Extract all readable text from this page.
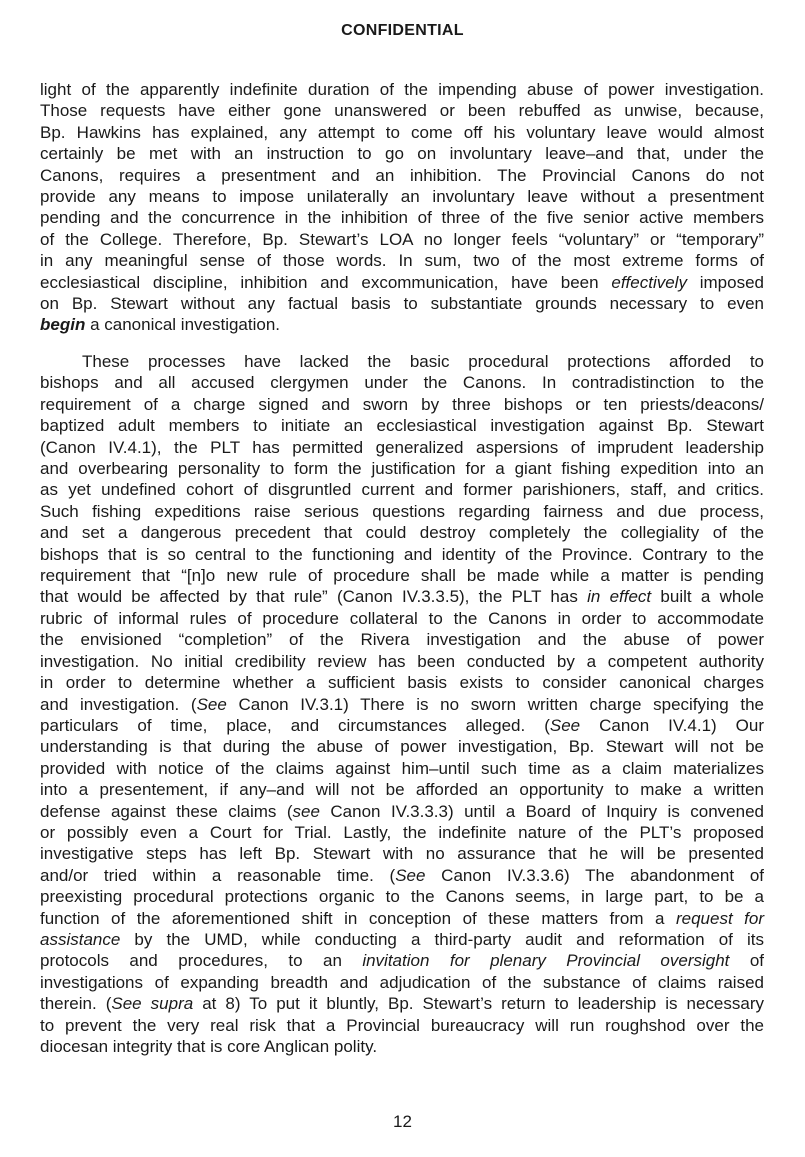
CONFIDENTIAL
light of the apparently indefinite duration of the impending abuse of power investigation.
Those requests have either gone unanswered or been rebuffed as unwise, because,
Bp. Hawkins has explained, any attempt to come off his voluntary leave would almost
certainly be met with an instruction to go on involuntary leave–and that, under the
Canons, requires a presentment and an inhibition. The Provincial Canons do not
provide any means to impose unilaterally an involuntary leave without a presentment
pending and the concurrence in the inhibition of three of the five senior active members
of the College. Therefore, Bp. Stewart’s LOA no longer feels “voluntary” or “temporary”
in any meaningful sense of those words. In sum, two of the most extreme forms of
ecclesiastical discipline, inhibition and excommunication, have been effectively imposed
on Bp. Stewart without any factual basis to substantiate grounds necessary to even
begin a canonical investigation.
These processes have lacked the basic procedural protections afforded to
bishops and all accused clergymen under the Canons. In contradistinction to the
requirement of a charge signed and sworn by three bishops or ten priests/deacons/
baptized adult members to initiate an ecclesiastical investigation against Bp. Stewart
(Canon IV.4.1), the PLT has permitted generalized aspersions of imprudent leadership
and overbearing personality to form the justification for a giant fishing expedition into an
as yet undefined cohort of disgruntled current and former parishioners, staff, and critics.
Such fishing expeditions raise serious questions regarding fairness and due process,
and set a dangerous precedent that could destroy completely the collegiality of the
bishops that is so central to the functioning and identity of the Province. Contrary to the
requirement that “[n]o new rule of procedure shall be made while a matter is pending
that would be affected by that rule” (Canon IV.3.3.5), the PLT has in effect built a whole
rubric of informal rules of procedure collateral to the Canons in order to accommodate
the envisioned “completion” of the Rivera investigation and the abuse of power
investigation. No initial credibility review has been conducted by a competent authority
in order to determine whether a sufficient basis exists to consider canonical charges
and investigation. (See Canon IV.3.1) There is no sworn written charge specifying the
particulars of time, place, and circumstances alleged. (See Canon IV.4.1) Our
understanding is that during the abuse of power investigation, Bp. Stewart will not be
provided with notice of the claims against him–until such time as a claim materializes
into a presentement, if any–and will not be afforded an opportunity to make a written
defense against these claims (see Canon IV.3.3.3) until a Board of Inquiry is convened
or possibly even a Court for Trial. Lastly, the indefinite nature of the PLT’s proposed
investigative steps has left Bp. Stewart with no assurance that he will be presented
and/or tried within a reasonable time. (See Canon IV.3.3.6) The abandonment of
preexisting procedural protections organic to the Canons seems, in large part, to be a
function of the aforementioned shift in conception of these matters from a request for
assistance by the UMD, while conducting a third-party audit and reformation of its
protocols and procedures, to an invitation for plenary Provincial oversight of
investigations of expanding breadth and adjudication of the substance of claims raised
therein. (See supra at 8) To put it bluntly, Bp. Stewart’s return to leadership is necessary
to prevent the very real risk that a Provincial bureaucracy will run roughshod over the
diocesan integrity that is core Anglican polity.
12
